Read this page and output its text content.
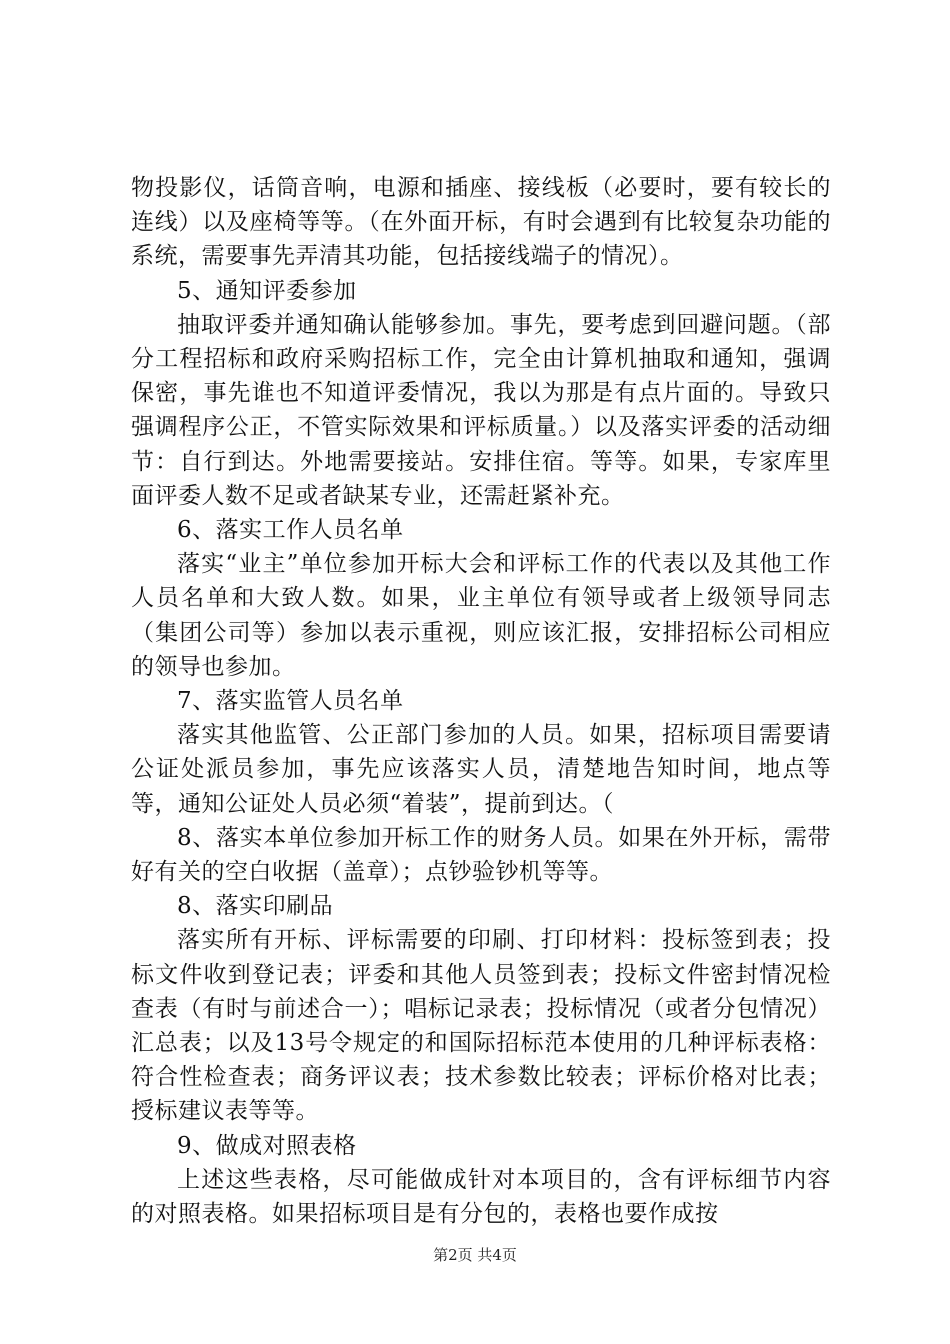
物投影仪，话筒音响，电源和插座、接线板（必要时，要有较长的连线）以及座椅等等。（在外面开标，有时会遇到有比较复杂功能的系统，需要事先弄清其功能，包括接线端子的情况）。

5、通知评委参加

抽取评委并通知确认能够参加。事先，要考虑到回避问题。（部分工程招标和政府采购招标工作，完全由计算机抽取和通知，强调保密，事先谁也不知道评委情况，我以为那是有点片面的。导致只强调程序公正，不管实际效果和评标质量。）以及落实评委的活动细节：自行到达。外地需要接站。安排住宿。等等。如果，专家库里面评委人数不足或者缺某专业，还需赶紧补充。

6、落实工作人员名单

落实“业主”单位参加开标大会和评标工作的代表以及其他工作人员名单和大致人数。如果，业主单位有领导或者上级领导同志（集团公司等）参加以表示重视，则应该汇报，安排招标公司相应的领导也参加。

7、落实监管人员名单

落实其他监管、公正部门参加的人员。如果，招标项目需要请公证处派员参加，事先应该落实人员，清楚地告知时间，地点等等，通知公证处人员必须“着装”，提前到达。（

8、落实本单位参加开标工作的财务人员。如果在外开标，需带好有关的空白收据（盖章）；点钞验钞机等等。

8、落实印刷品

落实所有开标、评标需要的印刷、打印材料：投标签到表；投标文件收到登记表；评委和其他人员签到表；投标文件密封情况检查表（有时与前述合一）；唱标记录表；投标情况（或者分包情况）汇总表；以及13号令规定的和国际招标范本使用的几种评标表格：符合性检查表；商务评议表；技术参数比较表；评标价格对比表；授标建议表等等。

9、做成对照表格

上述这些表格，尽可能做成针对本项目的，含有评标细节内容的对照表格。如果招标项目是有分包的，表格也要作成按

第2页 共4页
